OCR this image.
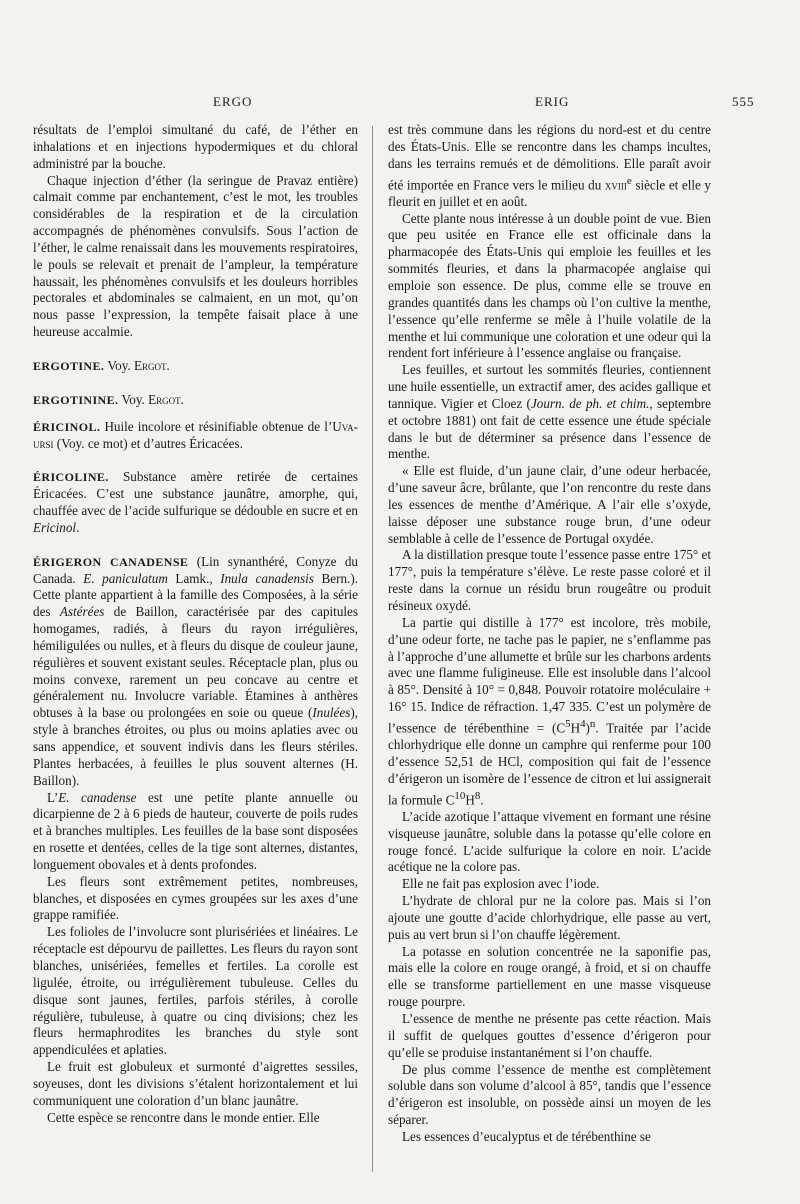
ERGO	ERIG	555

résultats de l’emploi simultané du café, de l’éther en inhalations et en injections hypodermiques et du chloral administré par la bouche.

Chaque injection d’éther (la seringue de Pravaz entière) calmait comme par enchantement, c’est le mot, les troubles considérables de la respiration et de la circulation accompagnés de phénomènes convulsifs. Sous l’action de l’éther, le calme renaissait dans les mouvements respiratoires, le pouls se relevait et prenait de l’ampleur, la température haussait, les phénomènes convulsifs et les douleurs horribles pectorales et abdominales se calmaient, en un mot, qu’on nous passe l’expression, la tempête faisait place à une heureuse accalmie.

ERGOTINE. Voy. Ergot.

ERGOTININE. Voy. Ergot.

ÉRICINOL. Huile incolore et résinifiable obtenue de l’Uva-ursi (Voy. ce mot) et d’autres Éricacées.

ÉRICOLINE. Substance amère retirée de certaines Éricacées. C’est une substance jaunâtre, amorphe, qui, chauffée avec de l’acide sulfurique se dédouble en sucre et en Ericinol.

ÉRIGERON CANADENSE (Lin synanthéré, Conyze du Canada. E. paniculatum Lamk., Inula canadensis Bern.). Cette plante appartient à la famille des Composées, à la série des Astérées de Baillon, caractérisée par des capitules homogames, radiés, à fleurs du rayon irrégulières, hémiligulées ou nulles, et à fleurs du disque de couleur jaune, régulières et souvent existant seules. Réceptacle plan, plus ou moins convexe, rarement un peu concave au centre et généralement nu. Involucre variable. Étamines à anthères obtuses à la base ou prolongées en soie ou queue (Inulées), style à branches étroites, ou plus ou moins aplaties avec ou sans appendice, et souvent indivis dans les fleurs stériles. Plantes herbacées, à feuilles le plus souvent alternes (H. Baillon).

L’E. canadense est une petite plante annuelle ou dicarpienne de 2 à 6 pieds de hauteur, couverte de poils rudes et à branches multiples. Les feuilles de la base sont disposées en rosette et dentées, celles de la tige sont alternes, distantes, longuement obovales et à dents profondes.

Les fleurs sont extrêmement petites, nombreuses, blanches, et disposées en cymes groupées sur les axes d’une grappe ramifiée.

Les folioles de l’involucre sont plurisériées et linéaires. Le réceptacle est dépourvu de paillettes. Les fleurs du rayon sont blanches, unisériées, femelles et fertiles. La corolle est ligulée, étroite, ou irrégulièrement tubuleuse. Celles du disque sont jaunes, fertiles, parfois stériles, à corolle régulière, tubuleuse, à quatre ou cinq divisions; chez les fleurs hermaphrodites les branches du style sont appendiculées et aplaties.

Le fruit est globuleux et surmonté d’aigrettes sessiles, soyeuses, dont les divisions s’étalent horizontalement et lui communiquent une coloration d’un blanc jaunâtre.

Cette espèce se rencontre dans le monde entier. Elle

est très commune dans les régions du nord-est et du centre des États-Unis. Elle se rencontre dans les champs incultes, dans les terrains remués et de démolitions. Elle paraît avoir été importée en France vers le milieu du xviii$^e$ siècle et elle y fleurit en juillet et en août.

Cette plante nous intéresse à un double point de vue. Bien que peu usitée en France elle est officinale dans la pharmacopée des États-Unis qui emploie les feuilles et les sommités fleuries, et dans la pharmacopée anglaise qui emploie son essence. De plus, comme elle se trouve en grandes quantités dans les champs où l’on cultive la menthe, l’essence qu’elle renferme se mêle à l’huile volatile de la menthe et lui communique une coloration et une odeur qui la rendent fort inférieure à l’essence anglaise ou française.

Les feuilles, et surtout les sommités fleuries, contiennent une huile essentielle, un extractif amer, des acides gallique et tannique. Vigier et Cloez (Journ. de ph. et chim., septembre et octobre 1881) ont fait de cette essence une étude spéciale dans le but de déterminer sa présence dans l’essence de menthe.

« Elle est fluide, d’un jaune clair, d’une odeur herbacée, d’une saveur âcre, brûlante, que l’on rencontre du reste dans les essences de menthe d’Amérique. A l’air elle s’oxyde, laisse déposer une substance rouge brun, d’une odeur semblable à celle de l’essence de Portugal oxydée.

A la distillation presque toute l’essence passe entre 175° et 177°, puis la température s’élève. Le reste passe coloré et il reste dans la cornue un résidu brun rougeâtre ou produit résineux oxydé.

La partie qui distille à 177° est incolore, très mobile, d’une odeur forte, ne tache pas le papier, ne s’enflamme pas à l’approche d’une allumette et brûle sur les charbons ardents avec une flamme fuligineuse. Elle est insoluble dans l’alcool à 85°. Densité à 10° = 0,848. Pouvoir rotatoire moléculaire + 16° 15. Indice de réfraction. 1,47 335. C’est un polymère de l’essence de térébenthine = $(C^5H^4)^n$. Traitée par l’acide chlorhydrique elle donne un camphre qui renferme pour 100 d’essence 52,51 de HCl, composition qui fait de l’essence d’érigeron un isomère de l’essence de citron et lui assignerait la formule $C^{10}H^8$.

L’acide azotique l’attaque vivement en formant une résine visqueuse jaunâtre, soluble dans la potasse qu’elle colore en rouge foncé. L’acide sulfurique la colore en noir. L’acide acétique ne la colore pas.

Elle ne fait pas explosion avec l’iode.

L’hydrate de chloral pur ne la colore pas. Mais si l’on ajoute une goutte d’acide chlorhydrique, elle passe au vert, puis au vert brun si l’on chauffe légèrement.

La potasse en solution concentrée ne la saponifie pas, mais elle la colore en rouge orangé, à froid, et si on chauffe elle se transforme partiellement en une masse visqueuse rouge pourpre.

L’essence de menthe ne présente pas cette réaction. Mais il suffit de quelques gouttes d’essence d’érigeron pour qu’elle se produise instantanément si l’on chauffe.

De plus comme l’essence de menthe est complètement soluble dans son volume d’alcool à 85°, tandis que l’essence d’érigeron est insoluble, on possède ainsi un moyen de les séparer.

Les essences d’eucalyptus et de térébenthine se
